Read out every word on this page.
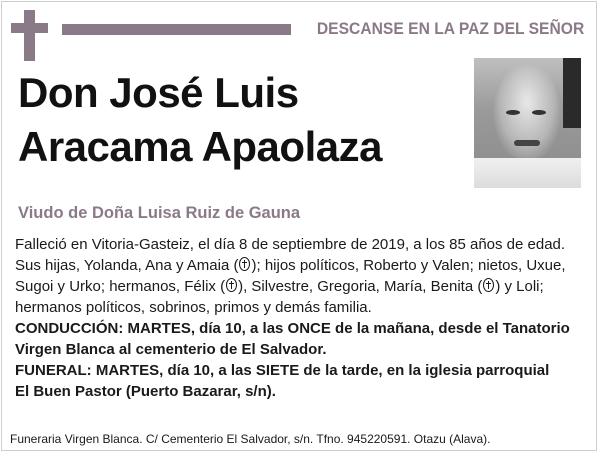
DESCANSE EN LA PAZ DEL SEÑOR
Don José Luis
Aracama Apaolaza
Viudo de Doña Luisa Ruiz de Gauna
Falleció en Vitoria-Gasteiz, el día 8 de septiembre de 2019, a los 85 años de edad.
Sus hijas, Yolanda, Ana y Amaia ( ); hijos políticos, Roberto y Valen; nietos, Uxue,
Sugoi y Urko; hermanos, Félix ( ), Silvestre, Gregoria, María, Benita ( ) y Loli;
hermanos políticos, sobrinos, primos y demás familia.
CONDUCCIÓN: MARTES, día 10, a las ONCE de la mañana, desde el Tanatorio
Virgen Blanca al cementerio de El Salvador.
FUNERAL: MARTES, día 10, a las SIETE de la tarde, en la iglesia parroquial
El Buen Pastor (Puerto Bazarar, s/n).
Funeraria Virgen Blanca. C/ Cementerio El Salvador, s/n. Tfno. 945220591. Otazu (Alava).
